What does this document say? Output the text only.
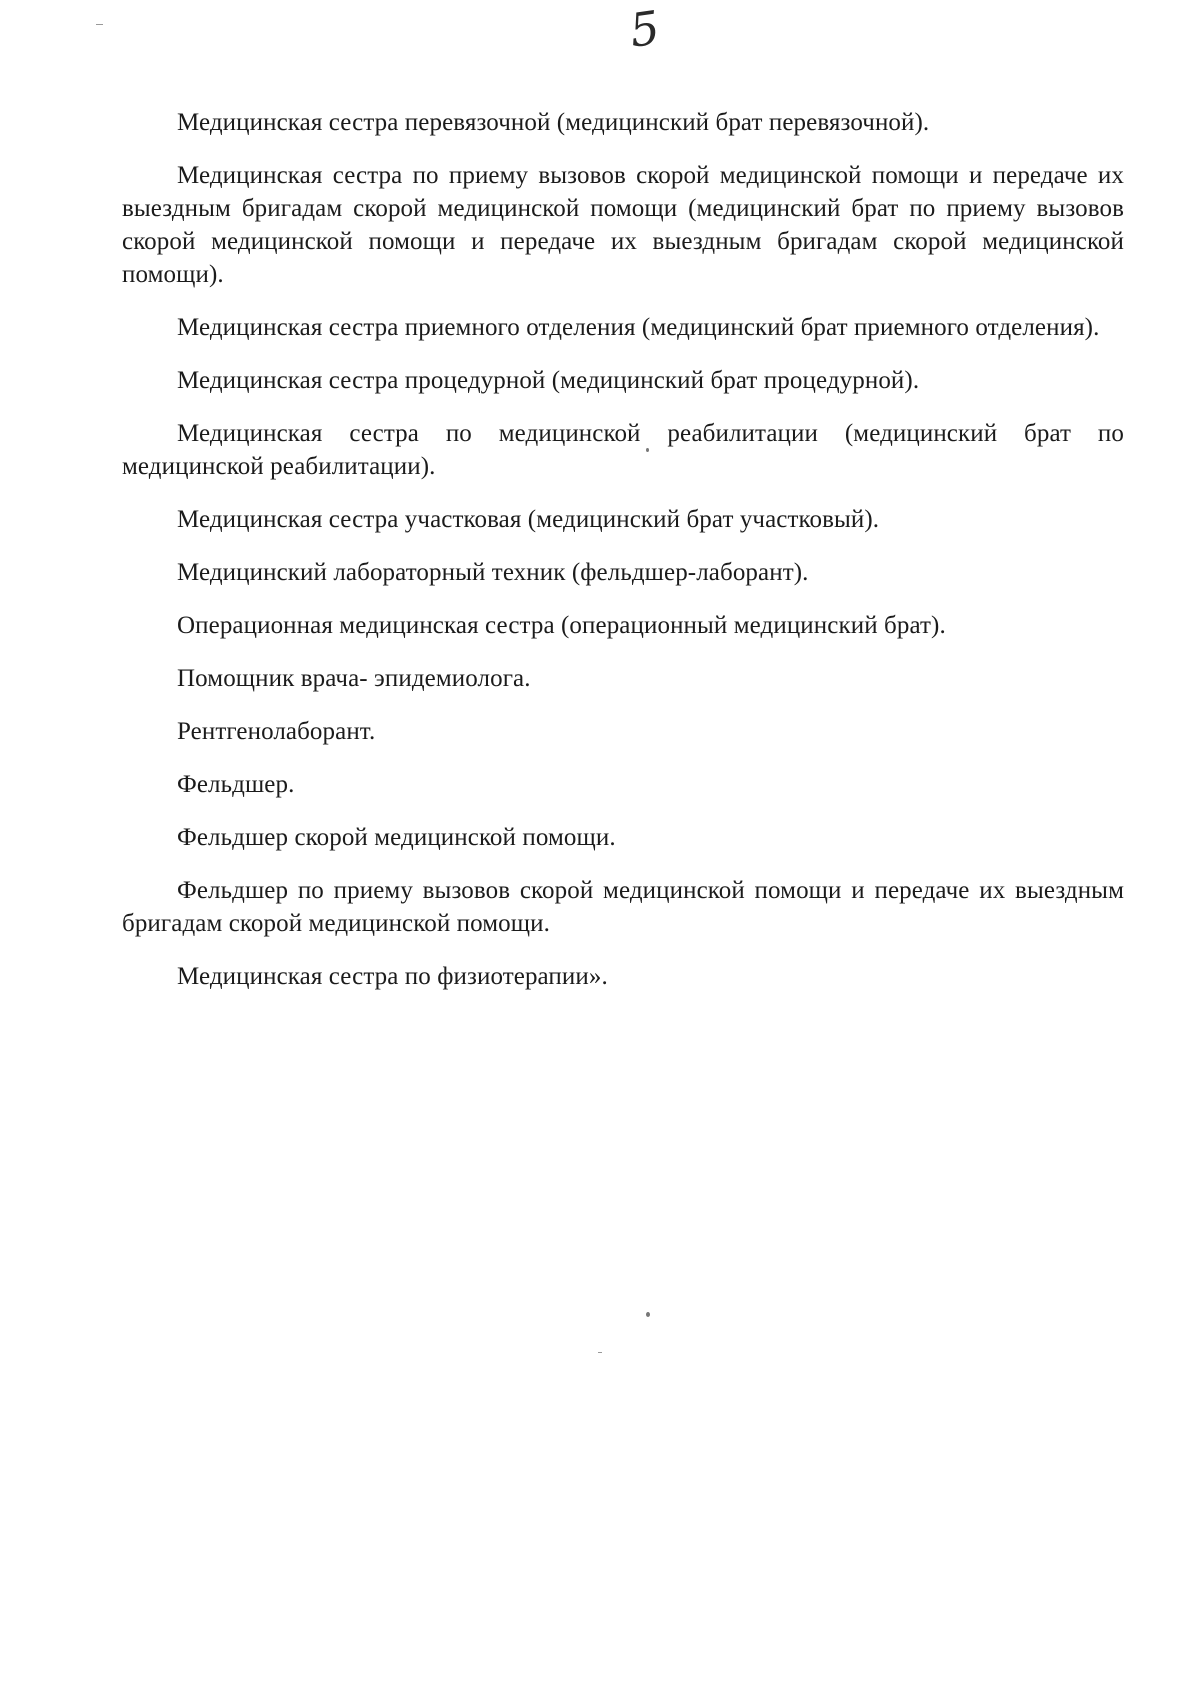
5

Медицинская сестра перевязочной (медицинский брат перевязочной).

Медицинская сестра по приему вызовов скорой медицинской помощи и передаче их выездным бригадам скорой медицинской помощи (медицинский брат по приему вызовов скорой медицинской помощи и передаче их выездным бригадам скорой медицинской помощи).

Медицинская сестра приемного отделения (медицинский брат приемного отделения).

Медицинская сестра процедурной (медицинский брат процедурной).

Медицинская сестра по медицинской реабилитации (медицинский брат по медицинской реабилитации).

Медицинская сестра участковая (медицинский брат участковый).

Медицинский лабораторный техник (фельдшер-лаборант).

Операционная медицинская сестра (операционный медицинский брат).

Помощник врача- эпидемиолога.

Рентгенолаборант.

Фельдшер.

Фельдшер скорой медицинской помощи.

Фельдшер по приему вызовов скорой медицинской помощи и передаче их выездным бригадам скорой медицинской помощи.

Медицинская сестра по физиотерапии».
